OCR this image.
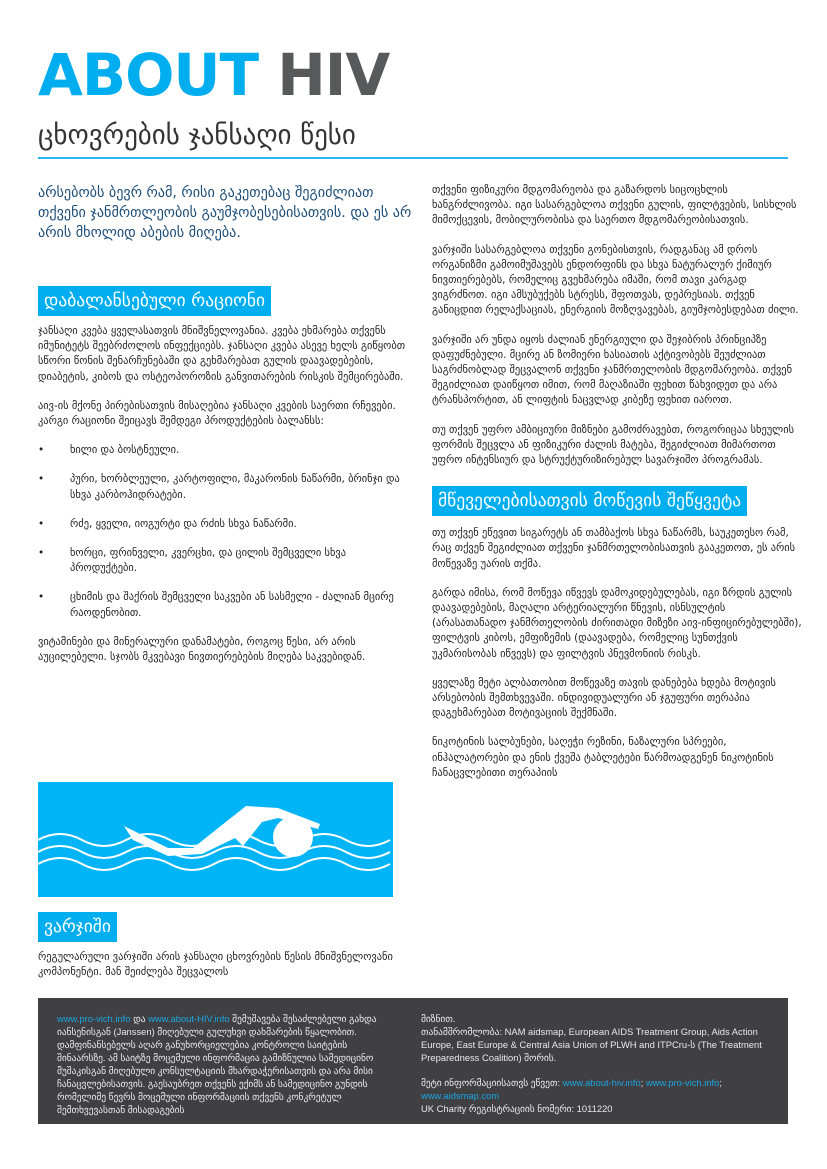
ABOUT HIV
ცხოვრების ჯანსაღი წესი
არსებობს ბევრ რამ, რისი გაკეთებაც შეგიძლიათ თქვენი ჯანმრთლეობის გაუმჯობესებისათვის. და ეს არ არის მხოლიდ აბების მიღება.
დაბალანსებული რაციონი

ჯანსაღი კვება ყველასათვის მნიშვნელოვანია. კვება ეხმარება თქვენს იმუნიტეტს შეებრძოლოს ინფექციებს. ჯანსაღი კვება ასევე ხელს გიწყობთ სწორი წონის შენარჩუნებაში და გეხმარებათ გულის დაავადებების, დიაბეტის, კიბოს და ოსტეოპოროზის განვითარების რისკის შემცირებაში.

აივ-ის მქონე პირებისათვის მისაღებია ჯანსაღი კვების საერთი რჩევები. კარგი რაციონი შეიცავს შემდეგი პროდუქტების ბალანსს:

• ხილი და ბოსტნეული.
• პური, ხორბლეული, კარტოფილი, მაკარონის ნაწარმი, ბრინჯი და სხვა კარბოჰიდრატები.
• რძე, ყველი, იოგურტი და რძის სხვა ნაწარმი.
• ხორცი, ფრინველი, კვერცხი, და ცილის შემცველი სხვა პროდუქტები.
• ცხიმის და შაქრის შემცველი საკვები ან სასმელი - ძალიან მცირე რაოდენობით.

ვიტამინები და მინერალური დანამატები, როგოც წესი, არ არის აუცილებელი. სჯობს მკვებავი ნივთიერებების მიღება საკვებიდან.

ვარჯიში

რეგულარული ვარჯიში არის ჯანსაღი ცხოვრების წესის მნიშვნელოვანი კომპონენტი. მან შეიძლება შეცვალოს

თქვენი ფიზიკური მდგომარეობა და გაზარდოს სიცოცხლის ხანგრძლივობა. იგი სასარგებლოა თქვენი გულის, ფილტვების, სისხლის მიმოქცევის, მობილურობისა და საერთო მდგომარეობისათვის.

ვარჯიში სასარგებლოა თქვენი გონებისთვის, რადგანაც ამ დროს ორგანიზმი გამოიმუშავებს ენდორფინს და სხვა ნატურალურ ქიმიურ ნივთიერებებს, რომელიც გვეხმარება იმაში, რომ თავი კარგად ვიგრძნოთ. იგი ამსუბუქებს სტრესს, შფოთვას, დეპრესიას. თქვენ განიცდით რელაქსაციას, ენერგიის მოზღვავებას, გიუმჯობესდებათ ძილი.

ვარჯიში არ უნდა იყოს ძალიან ენერგიული და შეჯიბრის პრინციპზე დაფუძნებული. მცირე ან ზომიერი ხასიათის აქტივობებს შეუძლიათ საგრძნობლად შეცვალონ თქვენი ჯანმრთელობის მდგომარეობა. თქვენ შეგიძლიათ დაიწყოთ იმით, რომ მაღაზიაში ფეხით წახვიდეთ და არა ტრანსპორტით, ან ლიფტის ნაცვლად კიბეზე ფეხით იაროთ.

თუ თქვენ უფრო ამბიციური მიზნები გამოძრავებთ, როგორიცაა სხეულის ფორმის შეცვლა ან ფიზიკური ძალის მატება, შეგიძლიათ მიმართოთ უფრო ინტენსიურ და სტრუქტურიზირებულ სავარჯიშო პროგრამას.

მწეველებისათვის მოწევის შეწყვეტა

თუ თქვენ ეწევით სიგარეტს ან თამბაქოს სხვა ნაწარმს, საუკეთესო რამ, რაც თქვენ შეგიძლიათ თქვენი ჯანმრთელობისათვის გააკეთოთ, ეს არის მოწევაზე უარის თქმა.

გარდა იმისა, რომ მოწევა იწვევს დამოკიდებულებას, იგი ზრდის გულის დაავადებების, მაღალი არტერიალური წნევის, ისნსულტის (არასათანადო ჯანმრთელობის ძირითადი მიზეზი აივ-ინფიცირებულებში), ფილტვის კიბოს, ემფიზემის (დაავადება, რომელიც სუნთქვის უკმარისობას იწვევს) და ფილტვის პნევმონიის რისკს.

ყველაზე მეტი ალბათობით მოწევაზე თავის დანებება ხდება მოტივის არსებობის შემთხვევაში. ინდივიდუალური ან ჯგუფური თერაპია დაგეხმარებათ მოტივაციის შექმნაში.

ნიკოტინის სალბუნები, საღეჭი რეზინი, ნაზალური სპრეები, ინჰალატორები და ენის ქვეშა ტაბლეტები წარმოადგენენ ნიკოტინის ჩანაცვლებითი თერაპიის

www.pro-vich.info და www.about-HIV.info შემუშავება შესაძლებელი გახდა იანსენისგან (Janssen) მიღებული გულუხვი დახმარების წყალობით. დამფინანსებელს აღარ განუხორციელებია კონტროლი საიტების შინაარსზე. ამ საიტზე მოცემული ინფორმაცია გამიზნულია სამედიცინო მუშაკისგან მიღებული კონსულტაციის მხარდაჭერისათვის და არა მისი ჩანაცვლებისათვის. გაესაუბრეთ თქვენს ექიმს ან სამედიცინო გუნდის რომელიმე წევრს მოცემული ინფორმაციის თქვენს კონკრეტულ შემთხვევასთან მისადაგების
მიზნით.

თანამშრომლობა: NAM aidsmap, European AIDS Treatment Group, Aids Action Europe, East Europe & Central Asia Union of PLWH and ITPCru-ს (The Treatment Preparedness Coalition) შორის.

მეტი ინფორმაციისათვს ეწვეთ: www.about-hiv.info; www.pro-vich.info; www.aidsmap.com
UK Charity რეგისტრაციის ნომერი: 1011220
